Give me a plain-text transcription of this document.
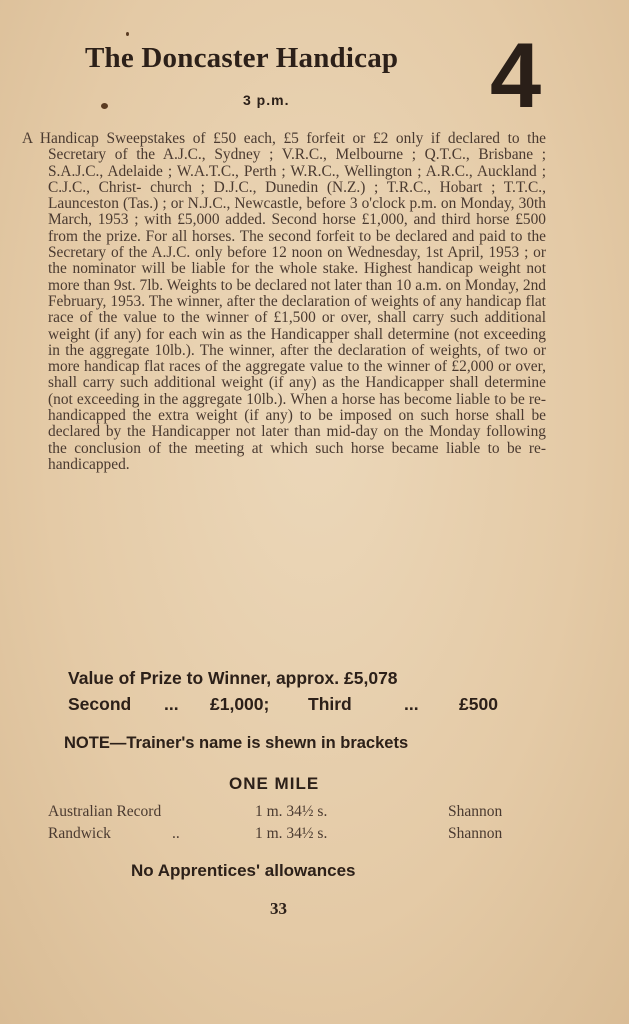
The Doncaster Handicap 4
3 p.m.
A Handicap Sweepstakes of £50 each, £5 forfeit or £2 only if declared to the Secretary of the A.J.C., Sydney ; V.R.C., Melbourne ; Q.T.C., Brisbane ; S.A.J.C., Adelaide ; W.A.T.C., Perth ; W.R.C., Wellington ; A.R.C., Auckland ; C.J.C., Christ- church ; D.J.C., Dunedin (N.Z.) ; T.R.C., Hobart ; T.T.C., Launceston (Tas.) ; or N.J.C., Newcastle, before 3 o'clock p.m. on Monday, 30th March, 1953 ; with £5,000 added. Second horse £1,000, and third horse £500 from the prize. For all horses. The second forfeit to be declared and paid to the Secretary of the A.J.C. only before 12 noon on Wednesday, 1st April, 1953 ; or the nominator will be liable for the whole stake. Highest handicap weight not more than 9st. 7lb. Weights to be declared not later than 10 a.m. on Monday, 2nd February, 1953. The winner, after the declaration of weights of any handicap flat race of the value to the winner of £1,500 or over, shall carry such additional weight (if any) for each win as the Handicapper shall determine (not exceeding in the aggregate 10lb.). The winner, after the declaration of weights, of two or more handicap flat races of the aggregate value to the winner of £2,000 or over, shall carry such additional weight (if any) as the Handicapper shall determine (not exceeding in the aggregate 10lb.). When a horse has become liable to be re-handicapped the extra weight (if any) to be imposed on such horse shall be declared by the Handicapper not later than mid-day on the Monday following the conclusion of the meeting at which such horse became liable to be re-handicapped.
Value of Prize to Winner, approx. £5,078
Second ... £1,000; Third	... £500
NOTE—Trainer's name is shewn in brackets
ONE MILE
Australian Record	1 m. 34½ s.	Shannon
Randwick	..	1 m. 34½ s.	Shannon
No Apprentices' allowances
33
